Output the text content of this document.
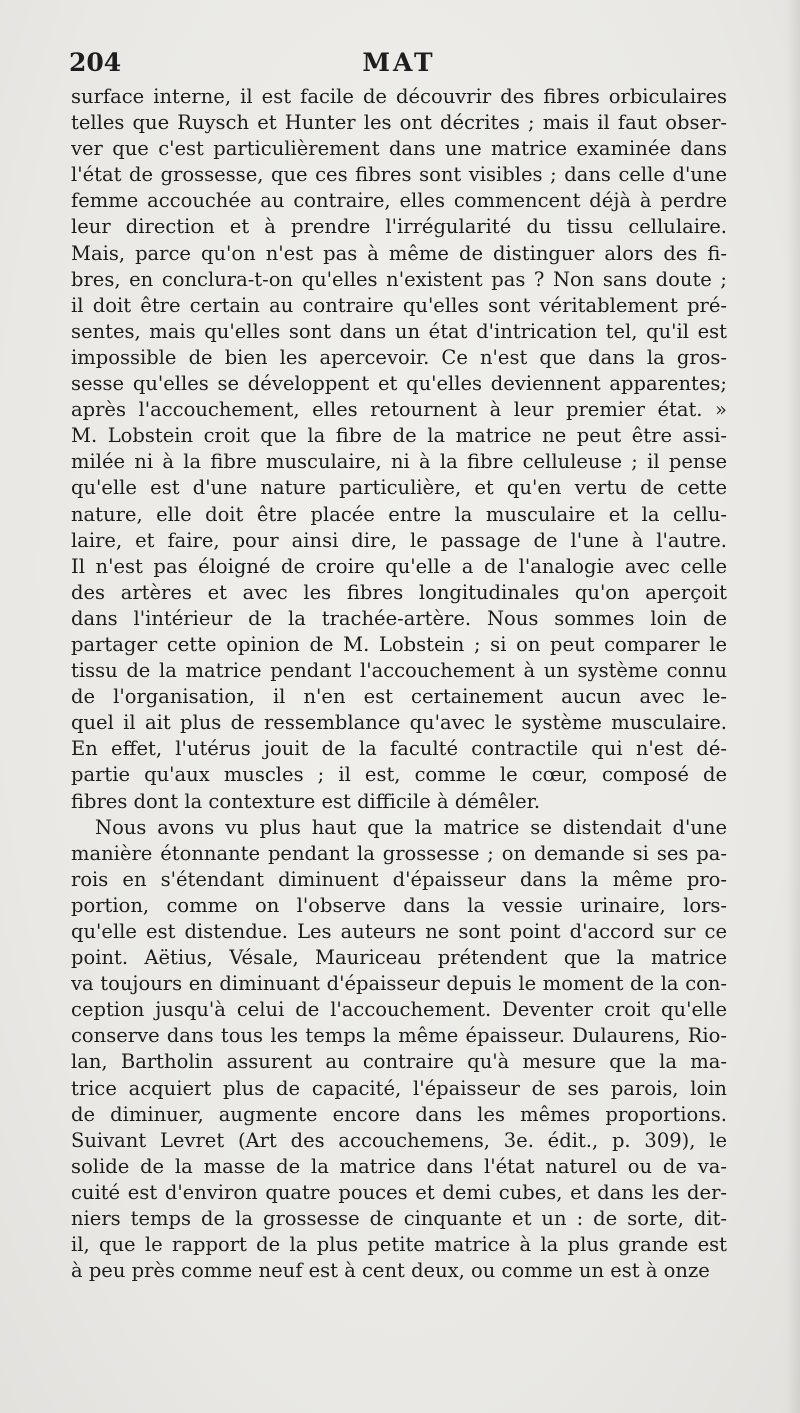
204	MAT
surface interne, il est facile de découvrir des fibres orbiculaires
telles que Ruysch et Hunter les ont décrites ; mais il faut obser-
ver que c'est particulièrement dans une matrice examinée dans
l'état de grossesse, que ces fibres sont visibles ; dans celle d'une
femme accouchée au contraire, elles commencent déjà à perdre
leur direction et à prendre l'irrégularité du tissu cellulaire.
Mais, parce qu'on n'est pas à même de distinguer alors des fi-
bres, en conclura-t-on qu'elles n'existent pas ? Non sans doute ;
il doit être certain au contraire qu'elles sont véritablement pré-
sentes, mais qu'elles sont dans un état d'intrication tel, qu'il est
impossible de bien les apercevoir. Ce n'est que dans la gros-
sesse qu'elles se développent et qu'elles deviennent apparentes;
après l'accouchement, elles retournent à leur premier état. »
M. Lobstein croit que la fibre de la matrice ne peut être assi-
milée ni à la fibre musculaire, ni à la fibre celluleuse ; il pense
qu'elle est d'une nature particulière, et qu'en vertu de cette
nature, elle doit être placée entre la musculaire et la cellu-
laire, et faire, pour ainsi dire, le passage de l'une à l'autre.
Il n'est pas éloigné de croire qu'elle a de l'analogie avec celle
des artères et avec les fibres longitudinales qu'on aperçoit
dans l'intérieur de la trachée-artère. Nous sommes loin de
partager cette opinion de M. Lobstein ; si on peut comparer le
tissu de la matrice pendant l'accouchement à un système connu
de l'organisation, il n'en est certainement aucun avec le-
quel il ait plus de ressemblance qu'avec le système musculaire.
En effet, l'utérus jouit de la faculté contractile qui n'est dé-
partie qu'aux muscles ; il est, comme le cœur, composé de
fibres dont la contexture est difficile à démêler.
Nous avons vu plus haut que la matrice se distendait d'une
manière étonnante pendant la grossesse ; on demande si ses pa-
rois en s'étendant diminuent d'épaisseur dans la même pro-
portion, comme on l'observe dans la vessie urinaire, lors-
qu'elle est distendue. Les auteurs ne sont point d'accord sur ce
point. Aëtius, Vésale, Mauriceau prétendent que la matrice
va toujours en diminuant d'épaisseur depuis le moment de la con-
ception jusqu'à celui de l'accouchement. Deventer croit qu'elle
conserve dans tous les temps la même épaisseur. Dulaurens, Rio-
lan, Bartholin assurent au contraire qu'à mesure que la ma-
trice acquiert plus de capacité, l'épaisseur de ses parois, loin
de diminuer, augmente encore dans les mêmes proportions.
Suivant Levret (Art des accouchemens, 3e. édit., p. 309), le
solide de la masse de la matrice dans l'état naturel ou de va-
cuité est d'environ quatre pouces et demi cubes, et dans les der-
niers temps de la grossesse de cinquante et un : de sorte, dit-
il, que le rapport de la plus petite matrice à la plus grande est
à peu près comme neuf est à cent deux, ou comme un est à onze
